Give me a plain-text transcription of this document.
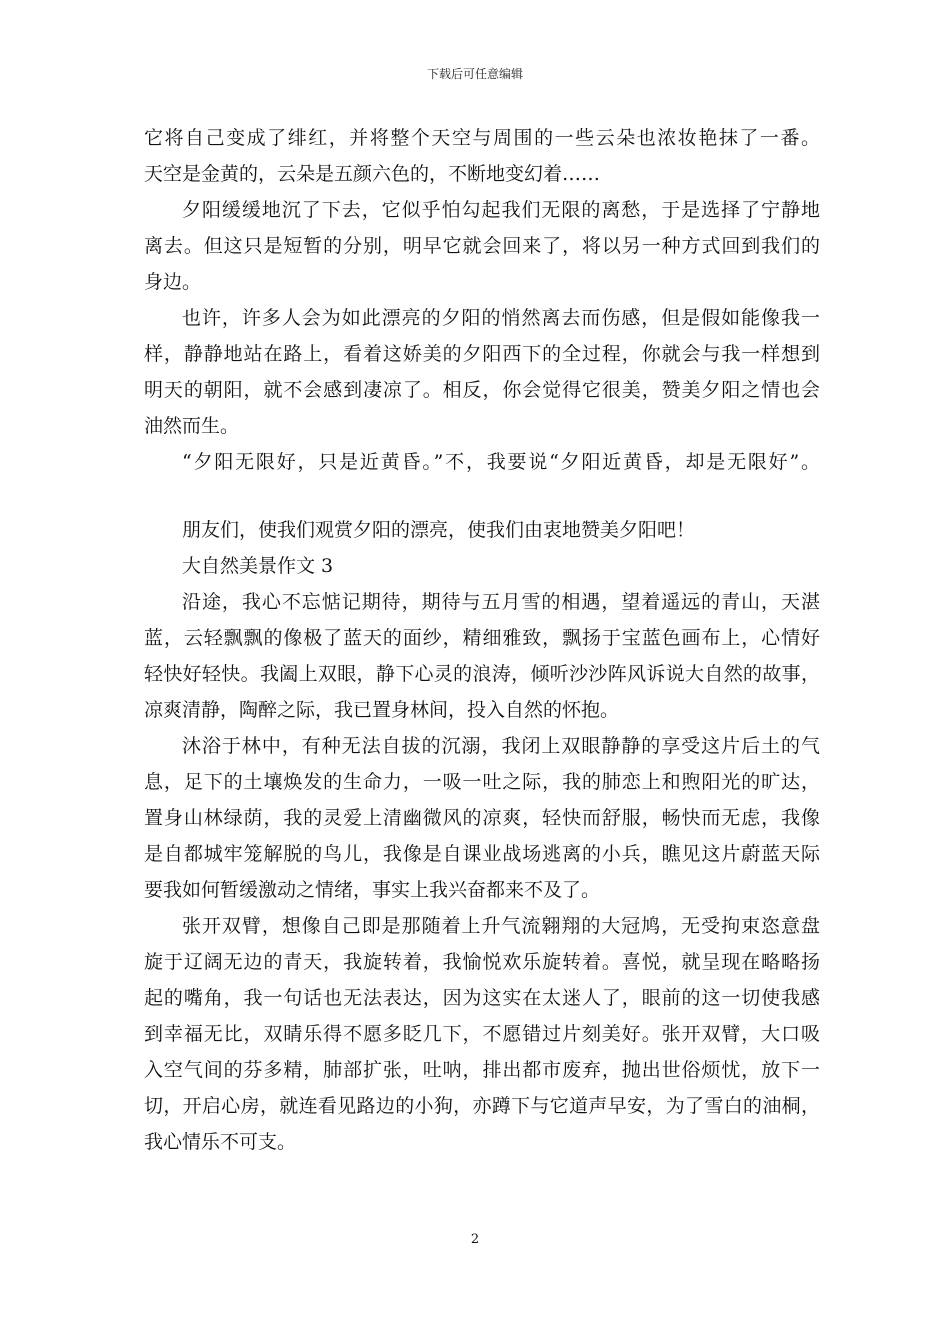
下载后可任意编辑
它将自己变成了绯红，并将整个天空与周围的一些云朵也浓妆艳抹了一番。
天空是金黄的，云朵是五颜六色的，不断地变幻着……
夕阳缓缓地沉了下去，它似乎怕勾起我们无限的离愁，于是选择了宁静地
离去。但这只是短暂的分别，明早它就会回来了，将以另一种方式回到我们的
身边。
也许，许多人会为如此漂亮的夕阳的悄然离去而伤感，但是假如能像我一
样，静静地站在路上，看着这娇美的夕阳西下的全过程，你就会与我一样想到
明天的朝阳，就不会感到凄凉了。相反，你会觉得它很美，赞美夕阳之情也会
油然而生。
“夕阳无限好，只是近黄昏。”不，我要说“夕阳近黄昏，却是无限好”。
朋友们，使我们观赏夕阳的漂亮，使我们由衷地赞美夕阳吧！
大自然美景作文 3
沿途，我心不忘惦记期待，期待与五月雪的相遇，望着遥远的青山，天湛
蓝，云轻飘飘的像极了蓝天的面纱，精细雅致，飘扬于宝蓝色画布上，心情好
轻快好轻快。我阖上双眼，静下心灵的浪涛，倾听沙沙阵风诉说大自然的故事，
凉爽清静，陶醉之际，我已置身林间，投入自然的怀抱。
沐浴于林中，有种无法自拔的沉溺，我闭上双眼静静的享受这片后土的气
息，足下的土壤焕发的生命力，一吸一吐之际，我的肺恋上和煦阳光的旷达，
置身山林绿荫，我的灵爱上清幽微风的凉爽，轻快而舒服，畅快而无虑，我像
是自都城牢笼解脱的鸟儿，我像是自课业战场逃离的小兵，瞧见这片蔚蓝天际
要我如何暂缓激动之情绪，事实上我兴奋都来不及了。
张开双臂，想像自己即是那随着上升气流翱翔的大冠鸠，无受拘束恣意盘
旋于辽阔无边的青天，我旋转着，我愉悦欢乐旋转着。喜悦，就呈现在略略扬
起的嘴角，我一句话也无法表达，因为这实在太迷人了，眼前的这一切使我感
到幸福无比，双睛乐得不愿多眨几下，不愿错过片刻美好。张开双臂，大口吸
入空气间的芬多精，肺部扩张，吐呐，排出都市废弃，抛出世俗烦忧，放下一
切，开启心房，就连看见路边的小狗，亦蹲下与它道声早安，为了雪白的油桐，
我心情乐不可支。
2
